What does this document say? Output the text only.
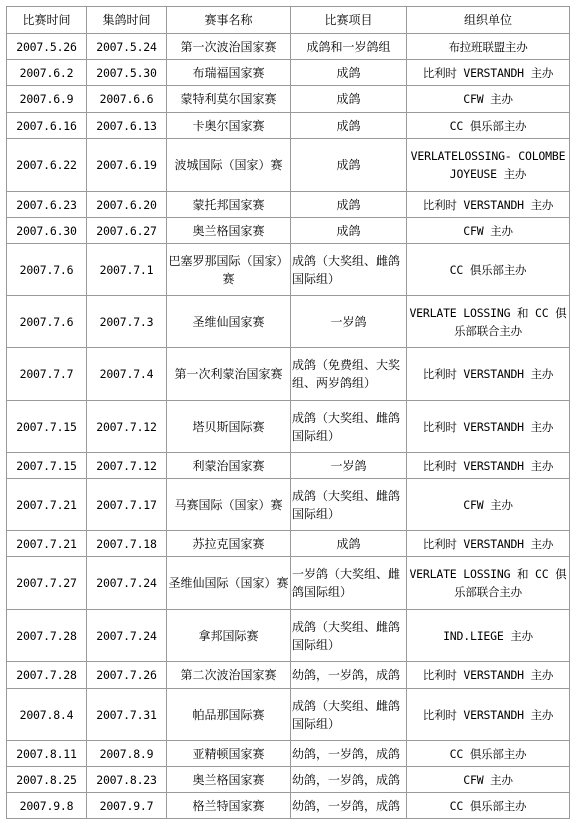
比赛时间	集鸽时间	赛事名称	比赛项目	组织单位
2007.5.26	2007.5.24	第一次波治国家赛	成鸽和一岁鸽组	布拉班联盟主办
2007.6.2	2007.5.30	布瑞福国家赛	成鸽	比利时 VERSTANDH 主办
2007.6.9	2007.6.6	蒙特利莫尔国家赛	成鸽	CFW 主办
2007.6.16	2007.6.13	卡奥尔国家赛	成鸽	CC 俱乐部主办
2007.6.22	2007.6.19	波城国际（国家）赛	成鸽	VERLATELOSSING- COLOMBE JOYEUSE 主办
2007.6.23	2007.6.20	蒙托邦国家赛	成鸽	比利时 VERSTANDH 主办
2007.6.30	2007.6.27	奥兰格国家赛	成鸽	CFW 主办
2007.7.6	2007.7.1	巴塞罗那国际（国家）赛	成鸽（大奖组、雌鸽国际组）	CC 俱乐部主办
2007.7.6	2007.7.3	圣维仙国家赛	一岁鸽	VERLATE LOSSING 和 CC 俱乐部联合主办
2007.7.7	2007.7.4	第一次利蒙治国家赛	成鸽（免费组、大奖组、两岁鸽组）	比利时 VERSTANDH 主办
2007.7.15	2007.7.12	塔贝斯国际赛	成鸽（大奖组、雌鸽国际组）	比利时 VERSTANDH 主办
2007.7.15	2007.7.12	利蒙治国家赛	一岁鸽	比利时 VERSTANDH 主办
2007.7.21	2007.7.17	马赛国际（国家）赛	成鸽（大奖组、雌鸽国际组）	CFW 主办
2007.7.21	2007.7.18	苏拉克国家赛	成鸽	比利时 VERSTANDH 主办
2007.7.27	2007.7.24	圣维仙国际（国家）赛	一岁鸽（大奖组、雌鸽国际组）	VERLATE LOSSING 和 CC 俱乐部联合主办
2007.7.28	2007.7.24	拿邦国际赛	成鸽（大奖组、雌鸽国际组）	IND.LIEGE 主办
2007.7.28	2007.7.26	第二次波治国家赛	幼鸽，一岁鸽，成鸽	比利时 VERSTANDH 主办
2007.8.4	2007.7.31	帕品那国际赛	成鸽（大奖组、雌鸽国际组）	比利时 VERSTANDH 主办
2007.8.11	2007.8.9	亚精顿国家赛	幼鸽，一岁鸽，成鸽	CC 俱乐部主办
2007.8.25	2007.8.23	奥兰格国家赛	幼鸽，一岁鸽，成鸽	CFW 主办
2007.9.8	2007.9.7	格兰特国家赛	幼鸽，一岁鸽，成鸽	CC 俱乐部主办
